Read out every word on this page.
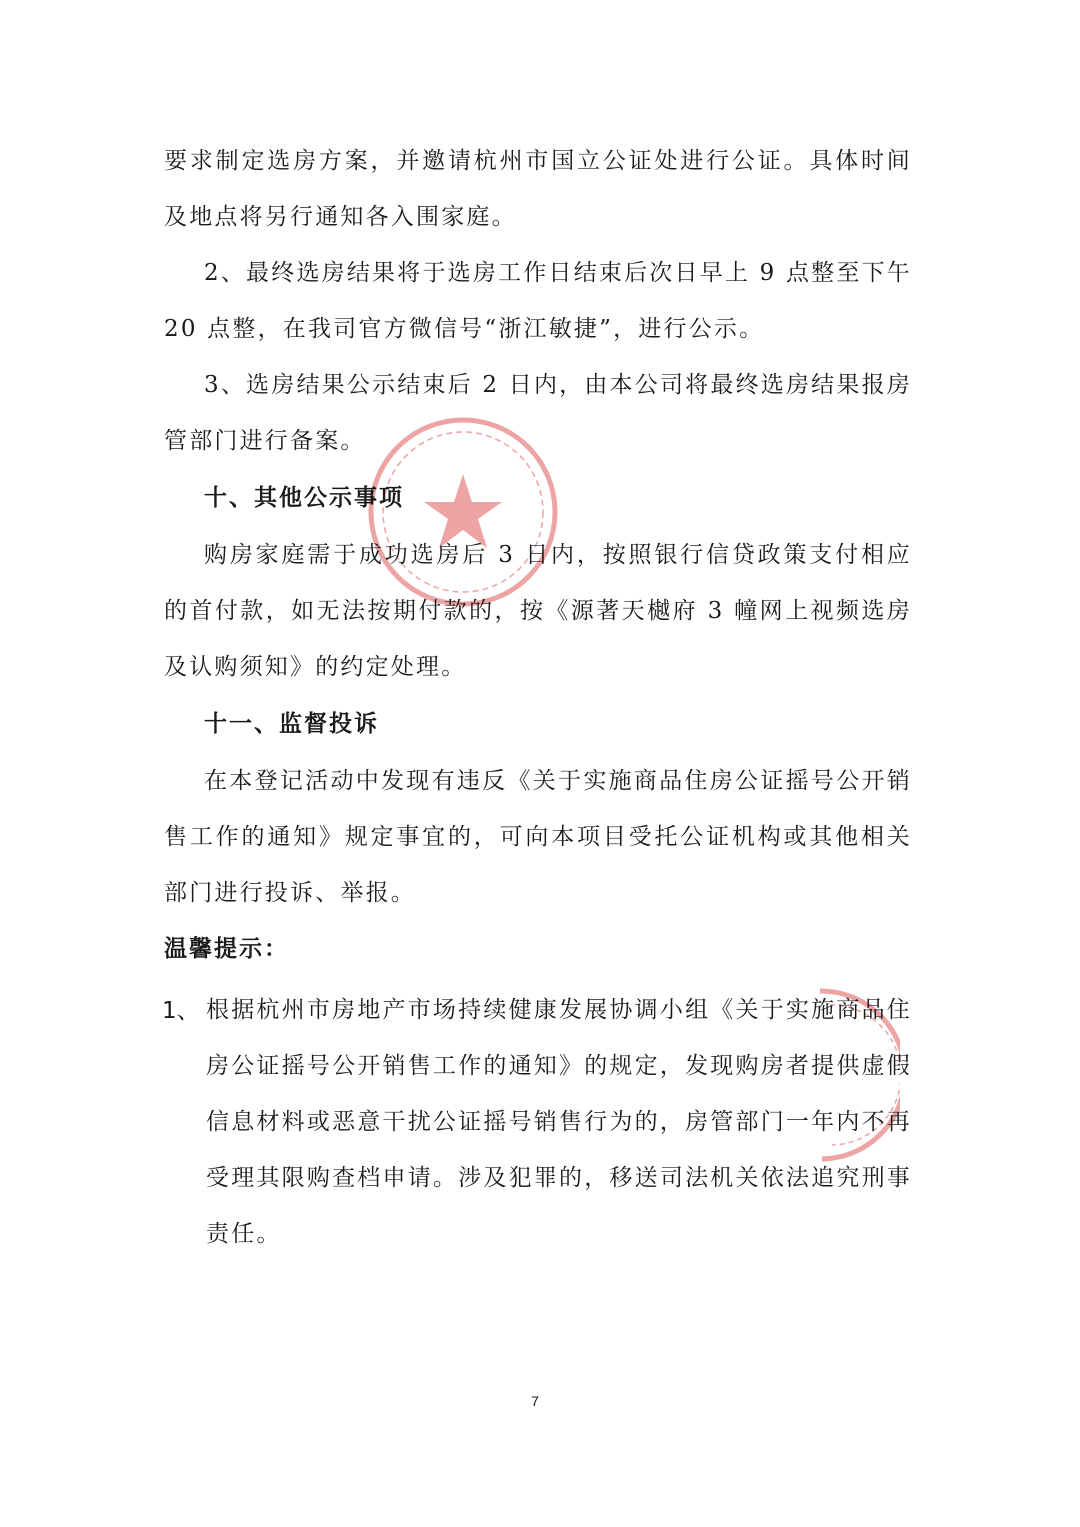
要求制定选房方案，并邀请杭州市国立公证处进行公证。具体时间及地点将另行通知各入围家庭。

2、最终选房结果将于选房工作日结束后次日早上 9 点整至下午 20 点整，在我司官方微信号“浙江敏捷”，进行公示。

3、选房结果公示结束后 2 日内，由本公司将最终选房结果报房管部门进行备案。

十、其他公示事项

购房家庭需于成功选房后 3 日内，按照银行信贷政策支付相应的首付款，如无法按期付款的，按《源著天樾府 3 幢网上视频选房及认购须知》的约定处理。

十一、监督投诉

在本登记活动中发现有违反《关于实施商品住房公证摇号公开销售工作的通知》规定事宜的，可向本项目受托公证机构或其他相关部门进行投诉、举报。

温馨提示：
1、 根据杭州市房地产市场持续健康发展协调小组《关于实施商品住房公证摇号公开销售工作的通知》的规定，发现购房者提供虚假信息材料或恶意干扰公证摇号销售行为的，房管部门一年内不再受理其限购查档申请。涉及犯罪的，移送司法机关依法追究刑事责任。

7
